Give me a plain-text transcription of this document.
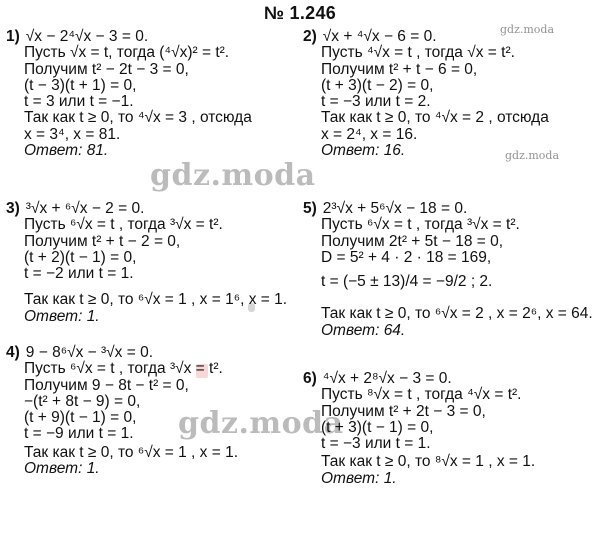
№ 1.246
gdz.moda
gdz.moda
gdz.moda
gdz.moda
1) √x − 2⁴√x − 3 = 0.
Пусть √x = t, тогда (⁴√x)² = t².
Получим t² − 2t − 3 = 0,
(t − 3)(t + 1) = 0,
t = 3 или t = −1.
Так как t ≥ 0, то ⁴√x = 3 , отсюда
x = 3⁴, x = 81.
Ответ: 81.
2) √x + ⁴√x − 6 = 0.
Пусть ⁴√x = t , тогда √x = t².
Получим t² + t − 6 = 0,
(t + 3)(t − 2) = 0,
t = −3 или t = 2.
Так как t ≥ 0, то ⁴√x = 2 , отсюда
x = 2⁴, x = 16.
Ответ: 16.
3) ³√x + ⁶√x − 2 = 0.
Пусть ⁶√x = t , тогда ³√x = t².
Получим t² + t − 2 = 0,
(t + 2)(t − 1) = 0,
t = −2 или t = 1.
Так как t ≥ 0, то ⁶√x = 1 , x = 1⁶, x = 1.
Ответ: 1.
4) 9 − 8⁶√x − ³√x = 0.
Пусть ⁶√x = t , тогда ³√x = t².
Получим 9 − 8t − t² = 0,
−(t² + 8t − 9) = 0,
(t + 9)(t − 1) = 0,
t = −9 или t = 1.
Так как t ≥ 0, то ⁶√x = 1 , x = 1.
Ответ: 1.
5) 2³√x + 5⁶√x − 18 = 0.
Пусть ⁶√x = t , тогда ³√x = t².
Получим 2t² + 5t − 18 = 0,
D = 5² + 4 · 2 · 18 = 169,
t = (−5 ± 13)/4 = −9/2 ; 2.
Так как t ≥ 0, то ⁶√x = 2 , x = 2⁶, x = 64.
Ответ: 64.
6) ⁴√x + 2⁸√x − 3 = 0.
Пусть ⁸√x = t , тогда ⁴√x = t².
Получим t² + 2t − 3 = 0,
(t + 3)(t − 1) = 0,
t = −3 или t = 1.
Так как t ≥ 0, то ⁸√x = 1 , x = 1.
Ответ: 1.
